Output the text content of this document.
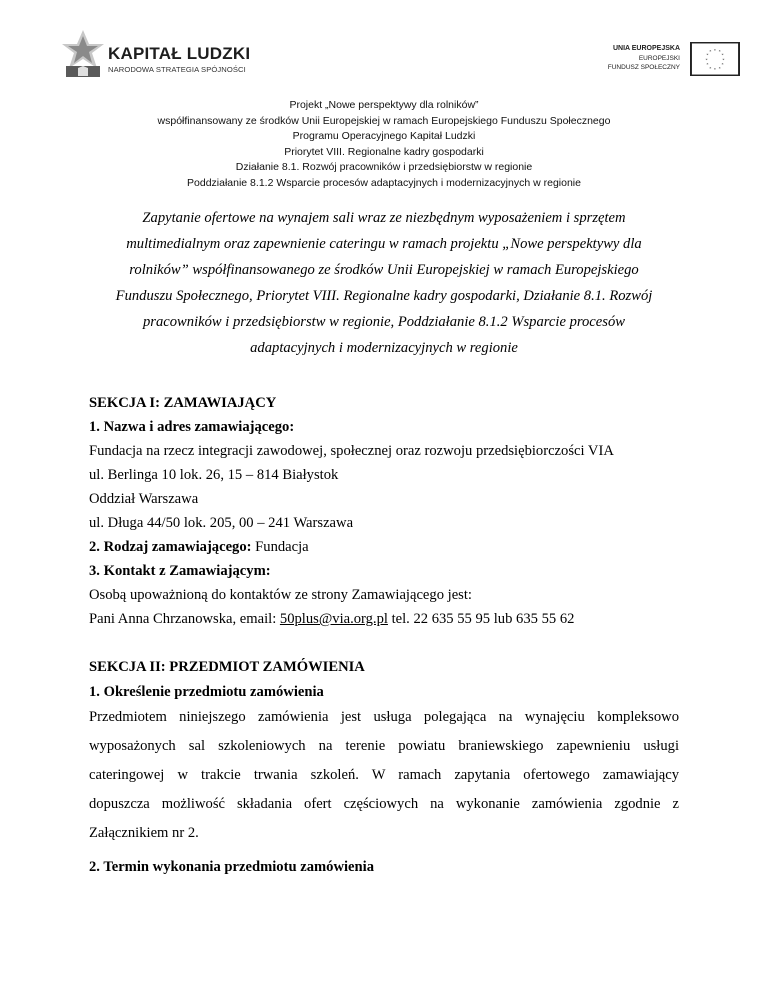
KAPITAŁ LUDZKI
NARODOWA STRATEGIA SPÓJNOŚCI
UNIA EUROPEJSKA
EUROPEJSKI
FUNDUSZ SPOŁECZNY
* *
*
*
*
*
*
*
*
*
*
*
Projekt „Nowe perspektywy dla rolników”
współfinansowany ze środków Unii Europejskiej w ramach Europejskiego Funduszu Społecznego
Programu Operacyjnego Kapitał Ludzki
Priorytet VIII. Regionalne kadry gospodarki
Działanie 8.1. Rozwój pracowników i przedsiębiorstw w regionie
Poddziałanie 8.1.2 Wsparcie procesów adaptacyjnych i modernizacyjnych w regionie
Zapytanie ofertowe na wynajem sali wraz ze niezbędnym wyposażeniem i sprzętem
multimedialnym oraz zapewnienie cateringu w ramach projektu „Nowe perspektywy dla
rolników” współfinansowanego ze środków Unii Europejskiej w ramach Europejskiego
Funduszu Społecznego, Priorytet VIII. Regionalne kadry gospodarki, Działanie 8.1. Rozwój
pracowników i przedsiębiorstw w regionie, Poddziałanie 8.1.2 Wsparcie procesów
adaptacyjnych i modernizacyjnych w regionie
SEKCJA I: ZAMAWIAJĄCY
1. Nazwa i adres zamawiającego:
Fundacja na rzecz integracji zawodowej, społecznej oraz rozwoju przedsiębiorczości VIA
ul. Berlinga 10 lok. 26, 15 – 814 Białystok
Oddział Warszawa
ul. Długa 44/50 lok. 205, 00 – 241 Warszawa
2. Rodzaj zamawiającego: Fundacja
3. Kontakt z Zamawiającym:
Osobą upoważnioną do kontaktów ze strony Zamawiającego jest:
Pani Anna Chrzanowska, email: 50plus@via.org.pl tel. 22 635 55 95 lub 635 55 62
SEKCJA II: PRZEDMIOT ZAMÓWIENIA
1. Określenie przedmiotu zamówienia
Przedmiotem niniejszego zamówienia jest usługa polegająca na wynajęciu kompleksowo
wyposażonych sal szkoleniowych na terenie powiatu braniewskiego zapewnieniu usługi
cateringowej w trakcie trwania szkoleń. W ramach zapytania ofertowego zamawiający
dopuszcza możliwość składania ofert częściowych na wykonanie zamówienia zgodnie z
Załącznikiem nr 2.
2. Termin wykonania przedmiotu zamówienia
